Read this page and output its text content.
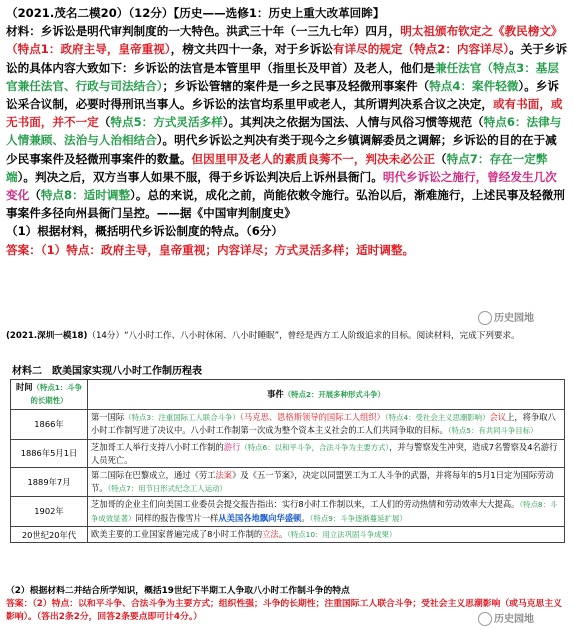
（2021.茂名二模20）（12分）【历史——选修1：历史上重大改革回眸】
材料：乡诉讼是明代审判制度的一大特色。洪武三十年（一三九七年）四月，明太祖颁布钦定之《教民榜文》（特点1：政府主导，皇帝重视），榜文共四十一条，对于乡诉讼有详尽的规定（特点2：内容详尽）。关于乡诉讼的具体内容大致如下：乡诉讼的法官是本管里甲（指里长及甲首）及老人，他们是兼任法官（特点3：基层官兼任法官、行政与司法结合）；乡诉讼管辖的案件是一乡之民事及轻微刑事案件（特点4：案件轻微）。乡诉讼采合议制，必要时得刑讯当事人。乡诉讼的法官均系里甲或老人，其所谓判决系合议之决定，或有书面，或无书面，并不一定（特点5：方式灵活多样）。其判决之依据为国法、人情与风俗习惯等规范（特点6：法律与人情兼顾、法治与人治相结合）。明代乡诉讼之判决有类于现今之乡镇调解委员之调解；乡诉讼的目的在于减少民事案件及轻微刑事案件的数量。但因里甲及老人的素质良莠不一，判决未必公正（特点7：存在一定弊端）。判决之后，双方当事人如果不服，得于乡诉讼判决后上诉州县衙门。明代乡诉讼之施行，曾经发生几次变化（特点8：适时调整）。总的来说，成化之前，尚能依敕令施行。弘治以后，渐难施行，上述民事及轻微刑事案件多径向州县衙门呈控。——据《中国审判制度史》
（1）根据材料，概括明代乡诉讼制度的特点。（6分）
答案：（1）特点：政府主导，皇帝重视；内容详尽；方式灵活多样；适时调整。
(2021.深圳一模18)（14分）“八小时工作、八小时休闲、八小时睡眠”，曾经是西方工人阶级追求的目标。阅读材料，完成下列要求。
材料二　欧美国家实现八小时工作制历程表
时间（特点1：斗争的长期性）	事件（特点2：开展多种形式斗争）
1866年	第一国际（特点3：注重国际工人联合斗争）（马克思、恩格斯领导的国际工人组织）（特点4：受社会主义思潮影响）会议上，将争取八小时工作制写进了决议中。八小时工作制第一次成为整个资本主义社会的工人们共同争取的目标。（特点5：有共同斗争目标）
1886年5月1日	芝加哥工人举行支持八小时工作制的游行（特点6：以和平斗争，合法斗争为主要方式），并与警察发生冲突，造成7名警察及4名游行人员死亡。
1889年7月	第二国际在巴黎成立，通过《劳工法案》及《五一节案》，决定以同盟罢工为工人斗争的武器，并将每年的5月1日定为国际劳动节。（特点7：用节日形式纪念工人运动）
1902年	芝加哥的企业主们向美国工业委员会提交报告指出：实行8小时工作制以来，工人们的劳动热情和劳动效率大大提高。（特点8：斗争成效显著）同样的报告像雪片一样从美国各地飘向华盛顿。（特点9：斗争逐渐蔓延扩展）
20世纪20年代	欧美主要的工业国家普遍完成了8小时工作制的立法。（特点10：用立法巩固斗争成果）
（2）根据材料二并结合所学知识，概括19世纪下半期工人争取八小时工作制斗争的特点
答案：（2）特点：以和平斗争、合法斗争为主要方式；组织性强；斗争的长期性；注重国际工人联合斗争；受社会主义思潮影响（或马克思主义影响）。（答出2条2分，回答2条要点即可计4分。）
历史园地
历史园地
